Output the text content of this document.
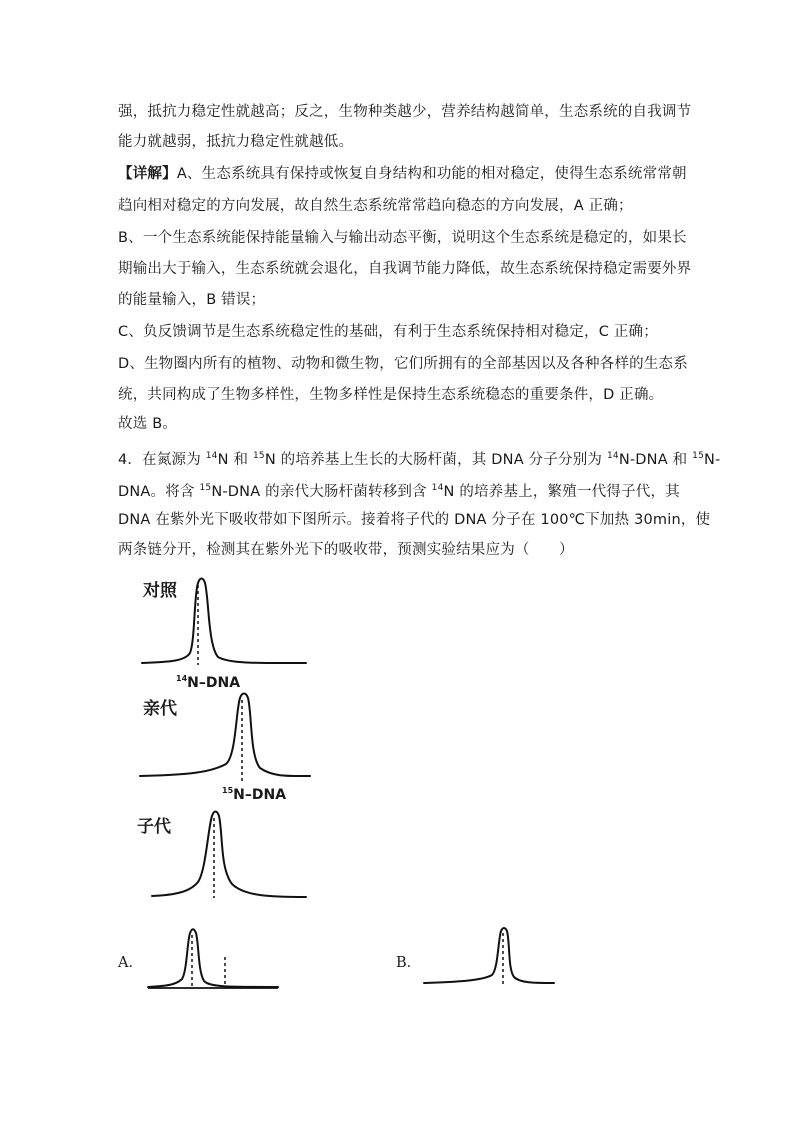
强，抵抗力稳定性就越高；反之，生物种类越少，营养结构越简单，生态系统的自我调节
能力就越弱，抵抗力稳定性就越低。
【详解】A、生态系统具有保持或恢复自身结构和功能的相对稳定，使得生态系统常常朝
趋向相对稳定的方向发展，故自然生态系统常常趋向稳态的方向发展，A 正确；
B、一个生态系统能保持能量输入与输出动态平衡，说明这个生态系统是稳定的，如果长
期输出大于输入，生态系统就会退化，自我调节能力降低，故生态系统保持稳定需要外界
的能量输入，B 错误；
C、负反馈调节是生态系统稳定性的基础，有利于生态系统保持相对稳定，C 正确；
D、生物圈内所有的植物、动物和微生物，它们所拥有的全部基因以及各种各样的生态系
统，共同构成了生物多样性，生物多样性是保持生态系统稳态的重要条件，D 正确。
故选 B。
4．在氮源为 $^{14}$N 和 $^{15}$N 的培养基上生长的大肠杆菌，其 DNA 分子分别为 $^{14}$N-DNA 和 $^{15}$N-
DNA。将含 $^{15}$N-DNA 的亲代大肠杆菌转移到含 $^{14}$N 的培养基上，繁殖一代得子代，其
DNA 在紫外光下吸收带如下图所示。接着将子代的 DNA 分子在 100℃下加热 30min，使
两条链分开，检测其在紫外光下的吸收带，预测实验结果应为（　　）
对照
$^{14}$N–DNA
亲代
$^{15}$N–DNA
子代
A．	B．
